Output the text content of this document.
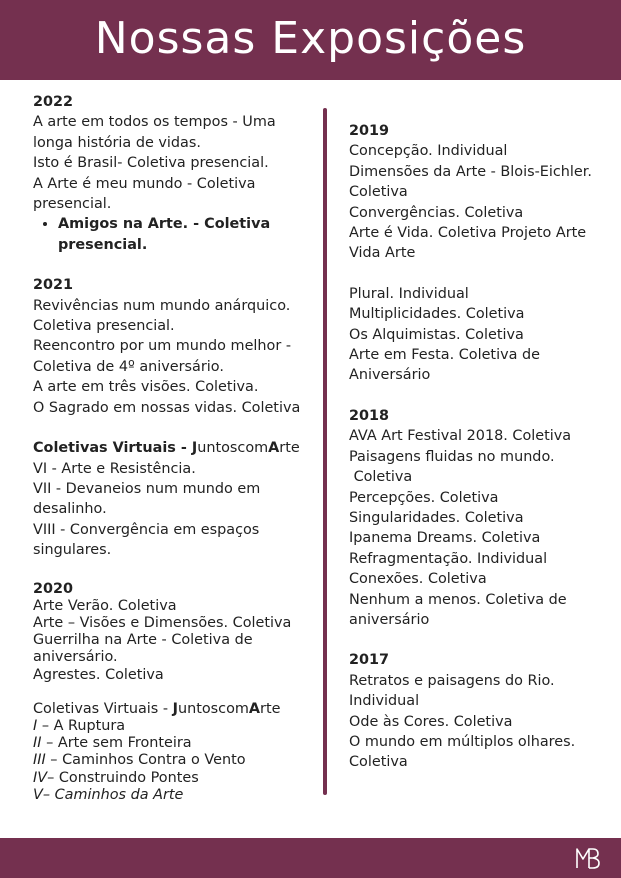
Nossas Exposições

2022

A arte em todos os tempos - Uma longa história de vidas.

Isto é Brasil- Coletiva presencial.

A Arte é meu mundo - Coletiva presencial.

• Amigos na Arte. - Coletiva presencial.

2021

Revivências num mundo anárquico. Coletiva presencial.

Reencontro por um mundo melhor - Coletiva de 4º aniversário.

A arte em três visões. Coletiva.

O Sagrado em nossas vidas. Coletiva

Coletivas Virtuais - JuntoscomArte

VI - Arte e Resistência.

VII - Devaneios num mundo em desalinho.

VIII - Convergência em espaços singulares.

2020

Arte Verão. Coletiva

Arte – Visões e Dimensões. Coletiva

Guerrilha na Arte - Coletiva de aniversário.

Agrestes. Coletiva

Coletivas Virtuais - JuntoscomArte

I – A Ruptura

II – Arte sem Fronteira

III – Caminhos Contra o Vento

IV– Construindo Pontes

V– Caminhos da Arte

2019

Concepção. Individual

Dimensões da Arte - Blois-Eichler. Coletiva

Convergências. Coletiva

Arte é Vida. Coletiva Projeto Arte Vida Arte

Plural. Individual

Multiplicidades. Coletiva

Os Alquimistas. Coletiva

Arte em Festa. Coletiva de Aniversário

2018

AVA Art Festival 2018. Coletiva

Paisagens fluidas no mundo.

Coletiva

Percepções. Coletiva

Singularidades. Coletiva

Ipanema Dreams. Coletiva

Refragmentação. Individual

Conexões. Coletiva

Nenhum a menos. Coletiva de aniversário

2017

Retratos e paisagens do Rio. Individual

Ode às Cores. Coletiva

O mundo em múltiplos olhares. Coletiva
